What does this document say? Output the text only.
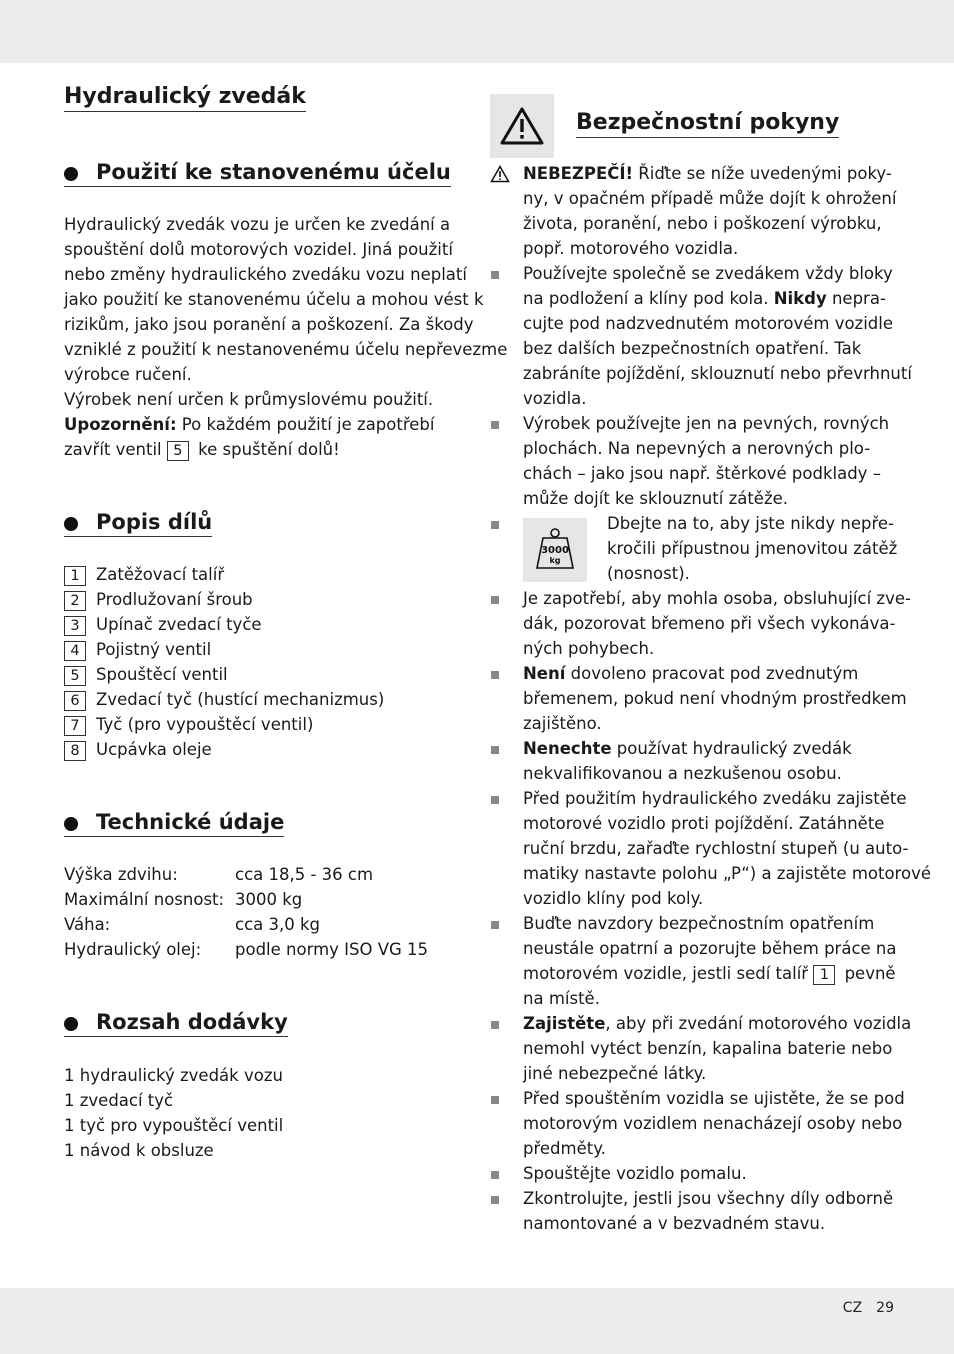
Hydraulický zvedák
Použití ke stanovenému účelu
Hydraulický zvedák vozu je určen ke zvedání a
spouštění dolů motorových vozidel. Jiná použití
nebo změny hydraulického zvedáku vozu neplatí
jako použití ke stanovenému účelu a mohou vést k
rizikům, jako jsou poranění a poškození. Za škody
vzniklé z použití k nestanovenému účelu nepřevezme
výrobce ručení.
Výrobek není určen k průmyslovému použití.
Upozornění: Po každém použití je zapotřebí
zavřít ventil 5 ke spuštění dolů!
Popis dílů
1 Zatěžovací talíř
2 Prodlužovaní šroub
3 Upínač zvedací tyče
4 Pojistný ventil
5 Spouštěcí ventil
6 Zvedací tyč (hustící mechanizmus)
7 Tyč (pro vypouštěcí ventil)
8 Ucpávka oleje
Technické údaje
Výška zdvihu:	cca 18,5 - 36 cm
Maximální nosnost: 3000 kg
Váha:	cca 3,0 kg
Hydraulický olej: podle normy ISO VG 15
Rozsah dodávky
1 hydraulický zvedák vozu
1 zvedací tyč
1 tyč pro vypouštěcí ventil
1 návod k obsluze
Bezpečnostní pokyny
NEBEZPEČÍ! Řiďte se níže uvedenými poky-
ny, v opačném případě může dojít k ohrožení
života, poranění, nebo i poškození výrobku,
popř. motorového vozidla.
Používejte společně se zvedákem vždy bloky
na podložení a klíny pod kola. Nikdy nepra-
cujte pod nadzvednutém motorovém vozidle
bez dalších bezpečnostních opatření. Tak
zabráníte pojíždění, sklouznutí nebo převrhnutí
vozidla.
Výrobek používejte jen na pevných, rovných
plochách. Na nepevných a nerovných plo-
chách – jako jsou např. štěrkové podklady –
může dojít ke sklouznutí zátěže.
3000
kg
Dbejte na to, aby jste nikdy nepře-
kročili přípustnou jmenovitou zátěž
(nosnost).
Je zapotřebí, aby mohla osoba, obsluhující zve-
dák, pozorovat břemeno při všech vykonáva-
ných pohybech.
Není dovoleno pracovat pod zvednutým
břemenem, pokud není vhodným prostředkem
zajištěno.
Nenechte používat hydraulický zvedák
nekvalifikovanou a nezkušenou osobu.
Před použitím hydraulického zvedáku zajistěte
motorové vozidlo proti pojíždění. Zatáhněte
ruční brzdu, zařaďte rychlostní stupeň (u auto-
matiky nastavte polohu „P“) a zajistěte motorové
vozidlo klíny pod koly.
Buďte navzdory bezpečnostním opatřením
neustále opatrní a pozorujte během práce na
motorovém vozidle, jestli sedí talíř 1 pevně
na místě.
Zajistěte, aby při zvedání motorového vozidla
nemohl vytéct benzín, kapalina baterie nebo
jiné nebezpečné látky.
Před spouštěním vozidla se ujistěte, že se pod
motorovým vozidlem nenacházejí osoby nebo
předměty.
Spouštějte vozidlo pomalu.
Zkontrolujte, jestli jsou všechny díly odborně
namontované a v bezvadném stavu.
CZ 29
